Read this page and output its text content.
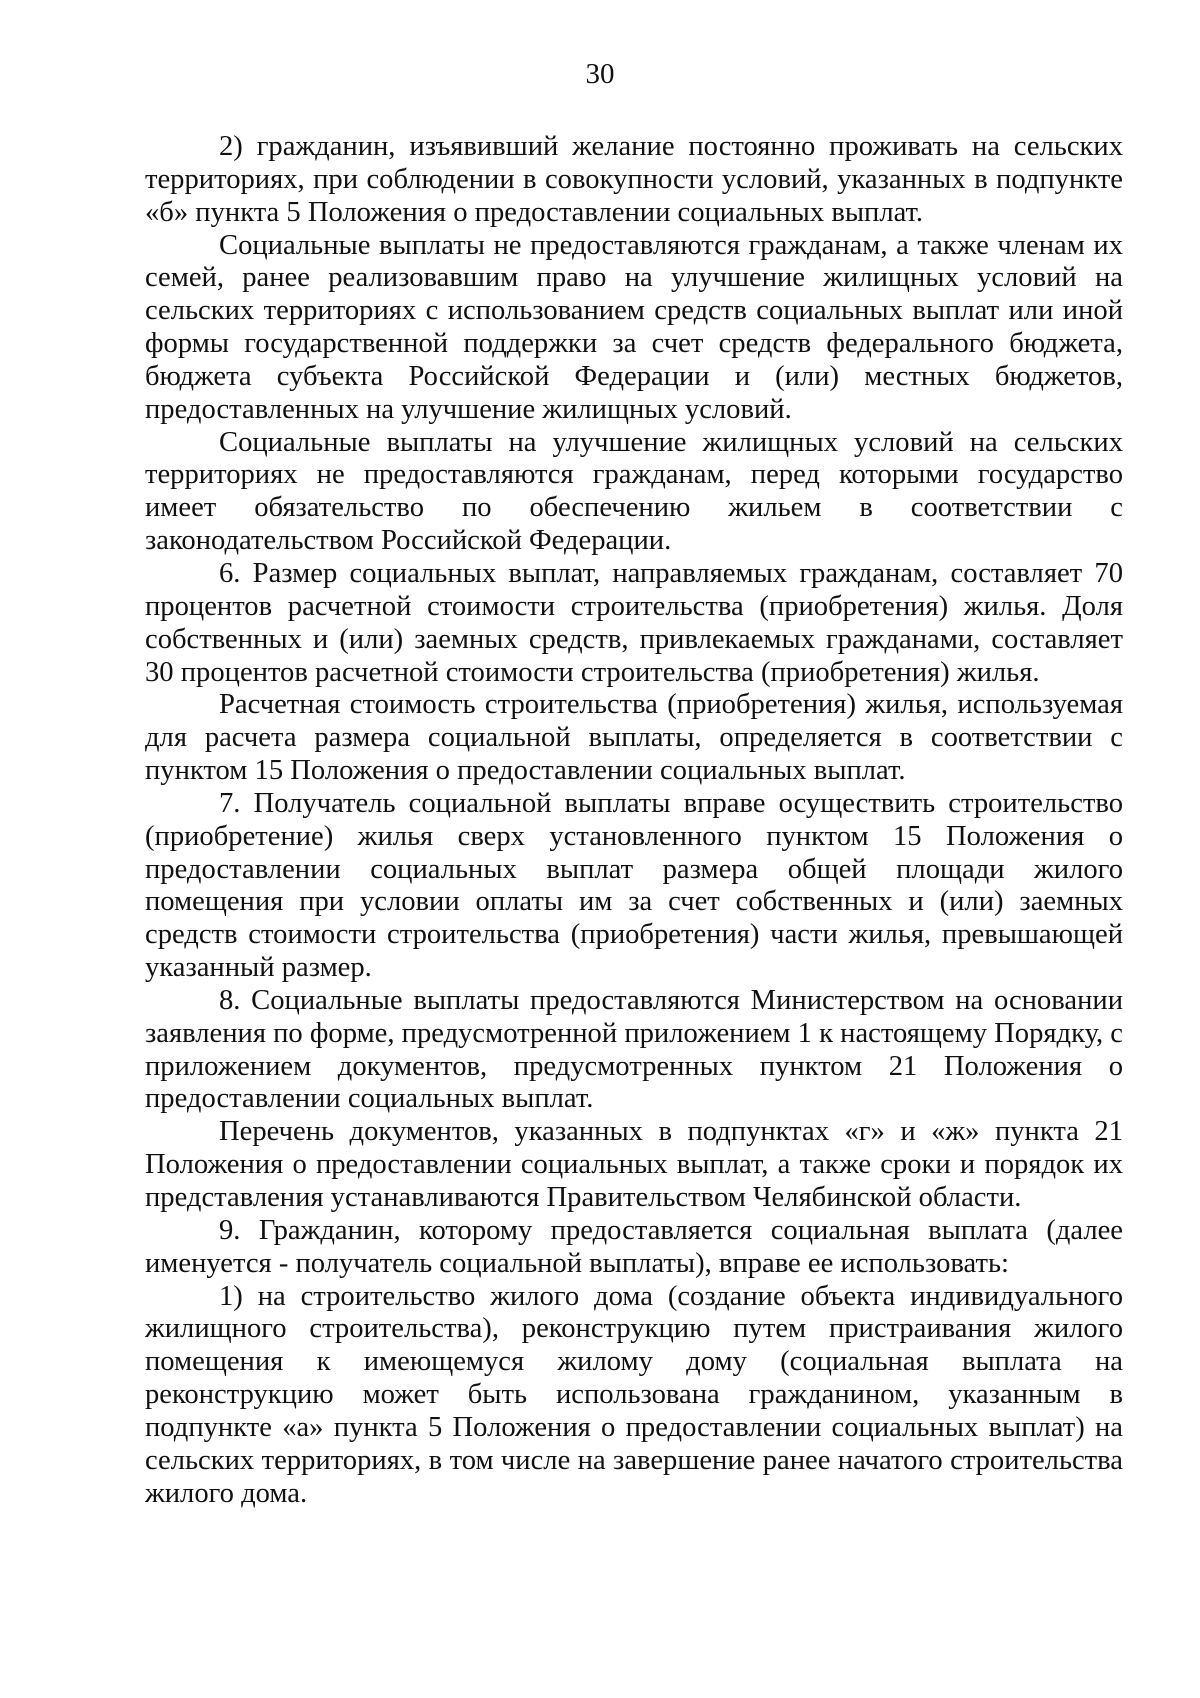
30

2) гражданин, изъявивший желание постоянно проживать на сельских территориях, при соблюдении в совокупности условий, указанных в подпункте «б» пункта 5 Положения о предоставлении социальных выплат.

Социальные выплаты не предоставляются гражданам, а также членам их семей, ранее реализовавшим право на улучшение жилищных условий на сельских территориях с использованием средств социальных выплат или иной формы государственной поддержки за счет средств федерального бюджета, бюджета субъекта Российской Федерации и (или) местных бюджетов, предоставленных на улучшение жилищных условий.

Социальные выплаты на улучшение жилищных условий на сельских территориях не предоставляются гражданам, перед которыми государство имеет обязательство по обеспечению жильем в соответствии с законодательством Российской Федерации.

6. Размер социальных выплат, направляемых гражданам, составляет 70 процентов расчетной стоимости строительства (приобретения) жилья. Доля собственных и (или) заемных средств, привлекаемых гражданами, составляет 30 процентов расчетной стоимости строительства (приобретения) жилья.

Расчетная стоимость строительства (приобретения) жилья, используемая для расчета размера социальной выплаты, определяется в соответствии с пунктом 15 Положения о предоставлении социальных выплат.

7. Получатель социальной выплаты вправе осуществить строительство (приобретение) жилья сверх установленного пунктом 15 Положения о предоставлении социальных выплат размера общей площади жилого помещения при условии оплаты им за счет собственных и (или) заемных средств стоимости строительства (приобретения) части жилья, превышающей указанный размер.

8. Социальные выплаты предоставляются Министерством на основании заявления по форме, предусмотренной приложением 1 к настоящему Порядку, с приложением документов, предусмотренных пунктом 21 Положения о предоставлении социальных выплат.

Перечень документов, указанных в подпунктах «г» и «ж» пункта 21 Положения о предоставлении социальных выплат, а также сроки и порядок их представления устанавливаются Правительством Челябинской области.

9. Гражданин, которому предоставляется социальная выплата (далее именуется - получатель социальной выплаты), вправе ее использовать:

1) на строительство жилого дома (создание объекта индивидуального жилищного строительства), реконструкцию путем пристраивания жилого помещения к имеющемуся жилому дому (социальная выплата на реконструкцию может быть использована гражданином, указанным в подпункте «а» пункта 5 Положения о предоставлении социальных выплат) на сельских территориях, в том числе на завершение ранее начатого строительства жилого дома.
